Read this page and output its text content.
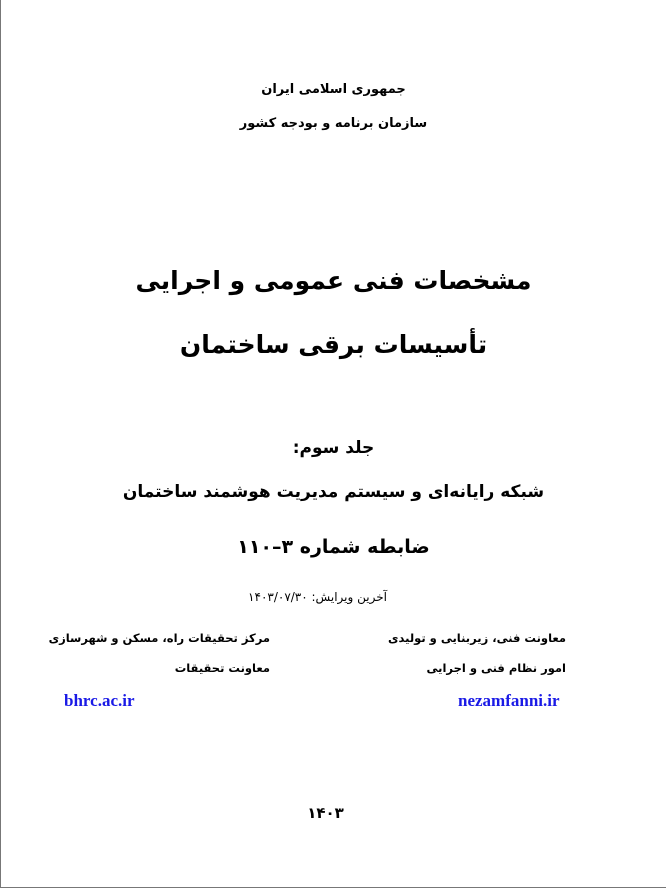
جمهوری اسلامی ایران
سازمان برنامه و بودجه کشور
مشخصات فنی عمومی و اجرایی
تأسیسات برقی ساختمان
جلد سوم:
شبکه رایانه‌ای و سیستم مدیریت هوشمند ساختمان
ضابطه شماره ۳–۱۱۰
آخرین ویرایش: ۱۴۰۳/۰۷/۳۰
معاونت فنی، زیربنایی و تولیدی
امور نظام فنی و اجرایی
nezamfanni.ir
مرکز تحقیقات راه، مسکن و شهرسازی
معاونت تحقیقات
bhrc.ac.ir
۱۴۰۳
